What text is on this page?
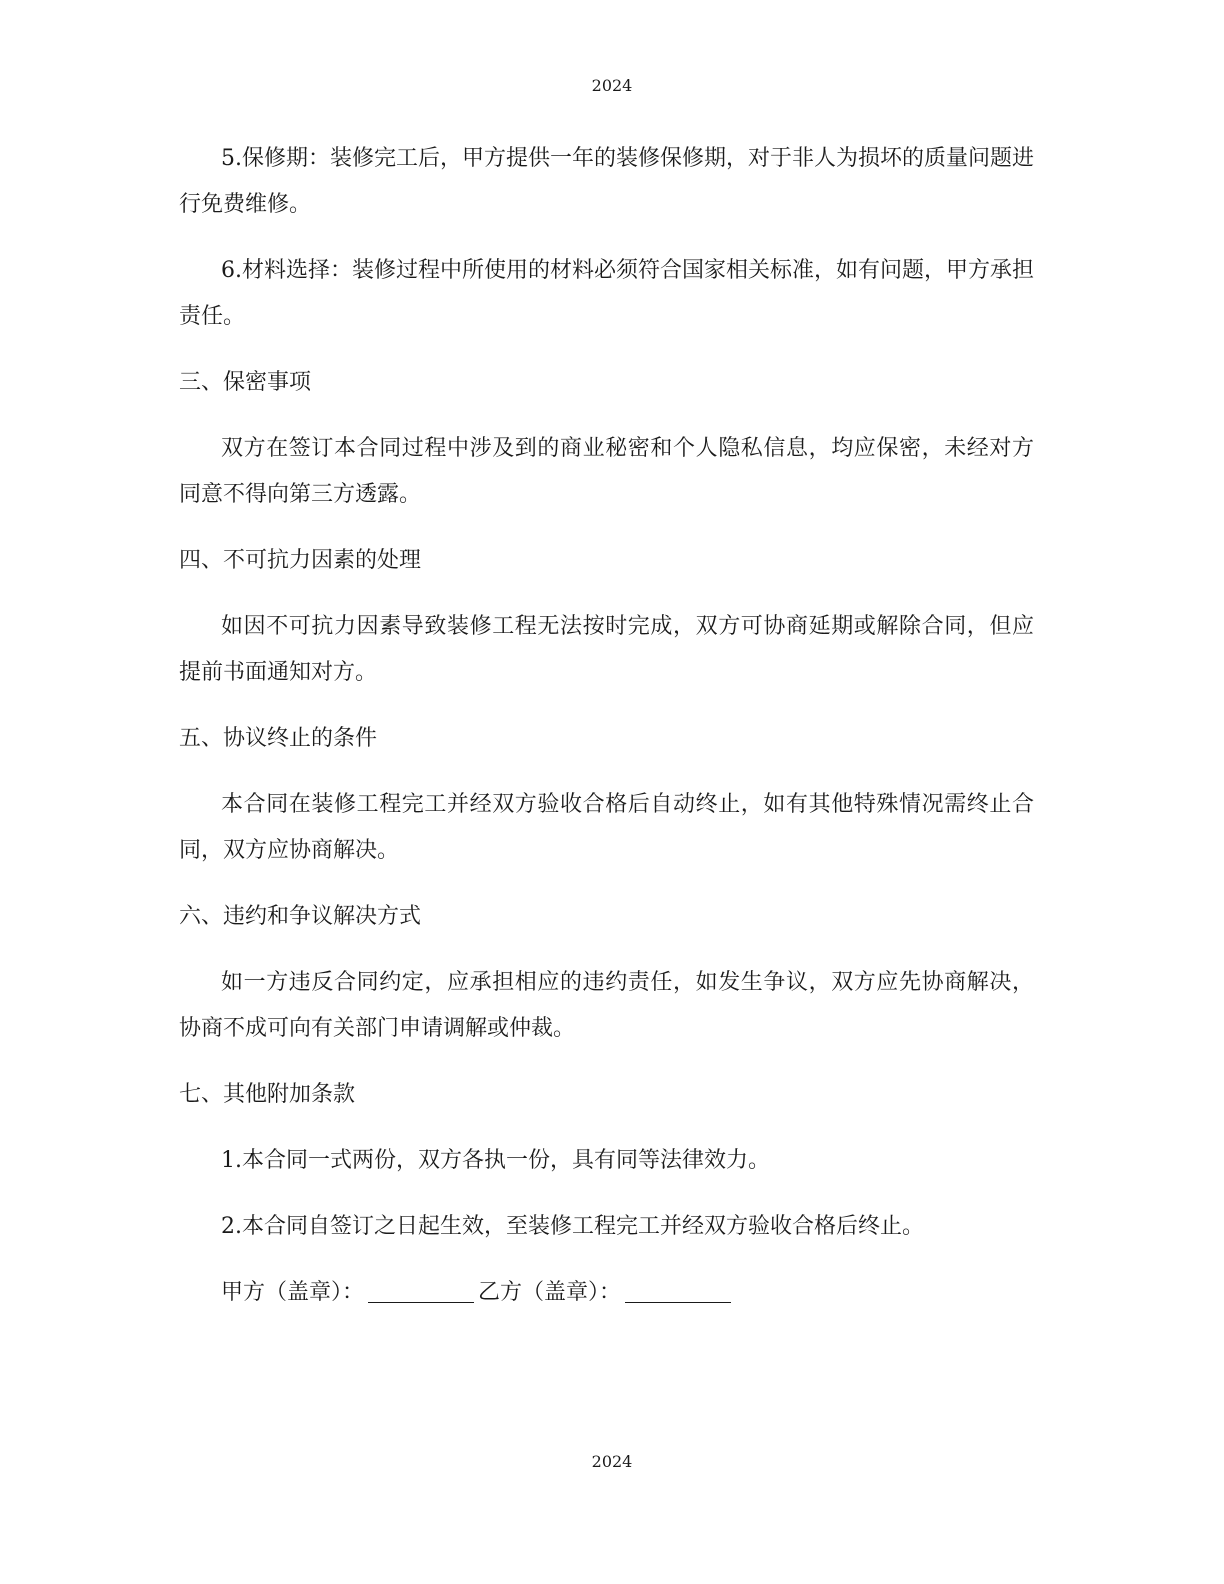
2024

5.保修期：装修完工后，甲方提供一年的装修保修期，对于非人为损坏的质量问题进行免费维修。

6.材料选择：装修过程中所使用的材料必须符合国家相关标准，如有问题，甲方承担责任。

三、保密事项

双方在签订本合同过程中涉及到的商业秘密和个人隐私信息，均应保密，未经对方同意不得向第三方透露。

四、不可抗力因素的处理

如因不可抗力因素导致装修工程无法按时完成，双方可协商延期或解除合同，但应提前书面通知对方。

五、协议终止的条件

本合同在装修工程完工并经双方验收合格后自动终止，如有其他特殊情况需终止合同，双方应协商解决。

六、违约和争议解决方式

如一方违反合同约定，应承担相应的违约责任，如发生争议，双方应先协商解决，协商不成可向有关部门申请调解或仲裁。

七、其他附加条款

1.本合同一式两份，双方各执一份，具有同等法律效力。

2.本合同自签订之日起生效，至装修工程完工并经双方验收合格后终止。

甲方（盖章）：	乙方（盖章）：

2024
